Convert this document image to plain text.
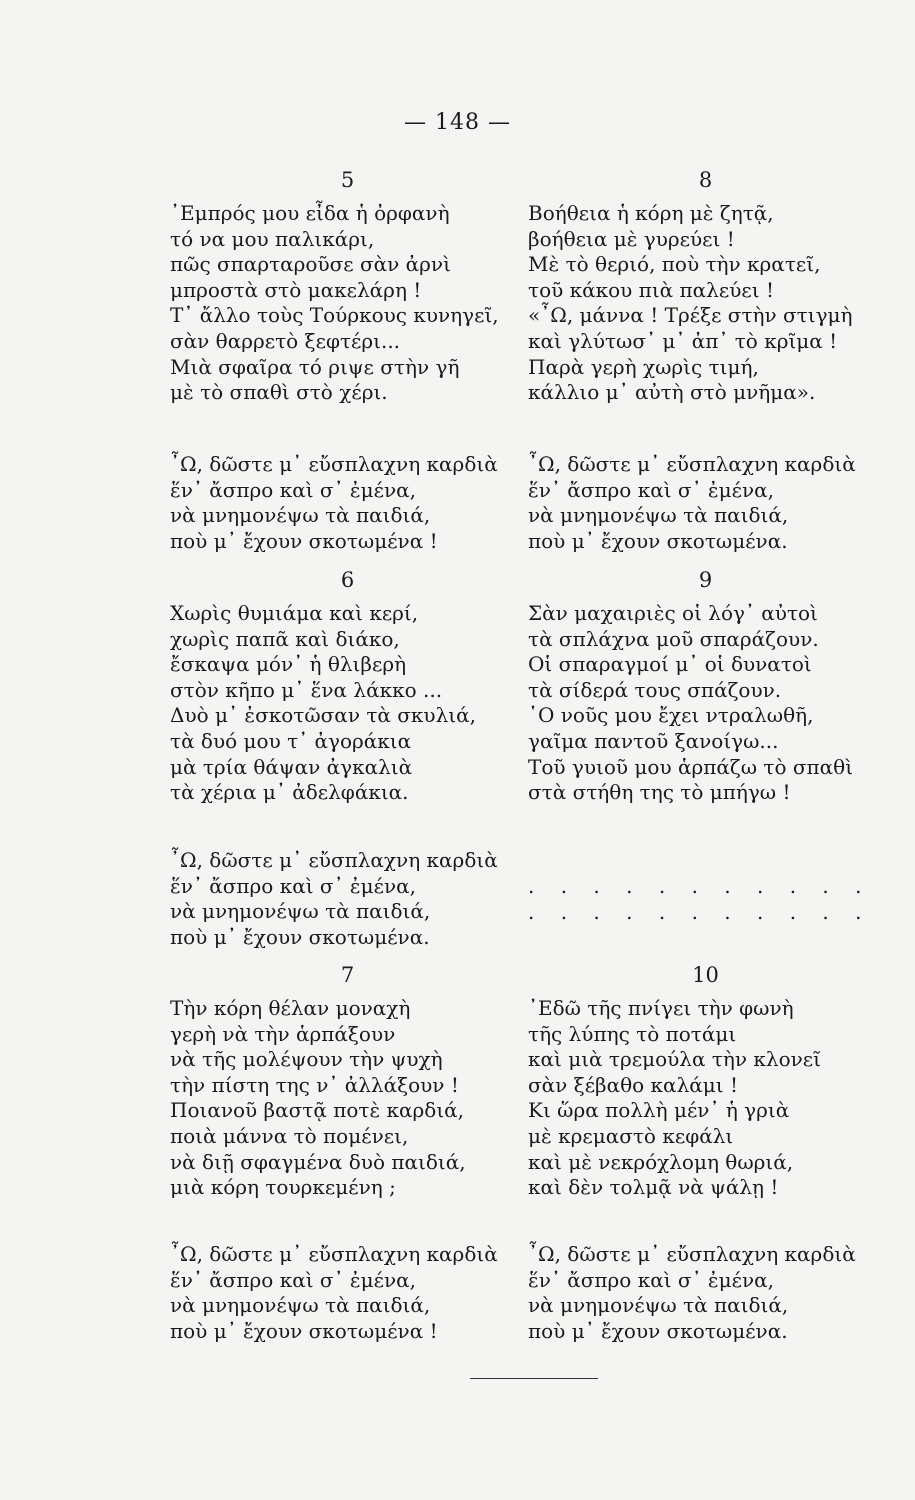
— 148 —
5
᾿Εμπρός μου εἶδα ἡ ὀρφανὴ
τό να μου παλικάρι,
πῶς σπαρταροῦσε σὰν ἀρνὶ
μπροστὰ στὸ μακελάρη !
Τ᾿ ἄλλο τοὺς Τούρκους κυνηγεῖ,
σὰν θαρρετὸ ξεφτέρι...
Μιὰ σφαῖρα τό ριψε στὴν γῆ
μὲ τὸ σπαθὶ στὸ χέρι.
῏Ω, δῶστε μ᾿ εὔσπλαχνη καρδιὰ
ἕν᾿ ἄσπρο καὶ σ᾿ ἐμένα,
νὰ μνημονέψω τὰ παιδιά,
ποὺ μ᾿ ἔχουν σκοτωμένα !
6
Χωρὶς θυμιάμα καὶ κερί,
χωρὶς παπᾶ καὶ διάκο,
ἔσκαψα μόν᾿ ἡ θλιβερὴ
στὸν κῆπο μ᾿ ἕνα λάκκο ...
Δυὸ μ᾿ ἐσκοτῶσαν τὰ σκυλιά,
τὰ δυό μου τ᾿ ἀγοράκια
μὰ τρία θάψαν ἀγκαλιὰ
τὰ χέρια μ᾿ ἀδελφάκια.
῏Ω, δῶστε μ᾿ εὔσπλαχνη καρδιὰ
ἕν᾿ ἄσπρο καὶ σ᾿ ἐμένα,
νὰ μνημονέψω τὰ παιδιά,
ποὺ μ᾿ ἔχουν σκοτωμένα.
7
Τὴν κόρη θέλαν μοναχὴ
γερὴ νὰ τὴν ἁρπάξουν
νὰ τῆς μολέψουν τὴν ψυχὴ
τὴν πίστη της ν᾿ ἀλλάξουν !
Ποιανοῦ βαστᾷ ποτὲ καρδιά,
ποιὰ μάννα τὸ πομένει,
νὰ διῇ σφαγμένα δυὸ παιδιά,
μιὰ κόρη τουρκεμένη ;
῏Ω, δῶστε μ᾿ εὔσπλαχνη καρδιὰ
ἕν᾿ ἄσπρο καὶ σ᾿ ἐμένα,
νὰ μνημονέψω τὰ παιδιά,
ποὺ μ᾿ ἔχουν σκοτωμένα !
8
Βοήθεια ἡ κόρη μὲ ζητᾷ,
βοήθεια μὲ γυρεύει !
Μὲ τὸ θεριό, ποὺ τὴν κρατεῖ,
τοῦ κάκου πιὰ παλεύει !
«῏Ω, μάννα ! Τρέξε στὴν στιγμὴ
καὶ γλύτωσ᾿ μ᾿ ἀπ᾿ τὸ κρῖμα !
Παρὰ γερὴ χωρὶς τιμή,
κάλλιο μ᾿ αὐτὴ στὸ μνῆμα».
῏Ω, δῶστε μ᾿ εὔσπλαχνη καρδιὰ
ἕν᾿ ἄσπρο καὶ σ᾿ ἐμένα,
νὰ μνημονέψω τὰ παιδιά,
ποὺ μ᾿ ἔχουν σκοτωμένα.
9
Σὰν μαχαιριὲς οἱ λόγ᾿ αὐτοὶ
τὰ σπλάχνα μοῦ σπαράζουν.
Οἱ σπαραγμοί μ᾿ οἱ δυνατοὶ
τὰ σίδερά τους σπάζουν.
῾Ο νοῦς μου ἔχει ντραλωθῆ,
γαῖμα παντοῦ ξανοίγω...
Τοῦ γυιοῦ μου ἁρπάζω τὸ σπαθὶ
στὰ στήθη της τὸ μπήγω !
. . . . . . . . . . .
. . . . . . . . . . .
10
᾿Εδῶ τῆς πνίγει τὴν φωνὴ
τῆς λύπης τὸ ποτάμι
καὶ μιὰ τρεμούλα τὴν κλονεῖ
σὰν ξέβαθο καλάμι !
Κι ὥρα πολλὴ μέν᾿ ἡ γριὰ
μὲ κρεμαστὸ κεφάλι
καὶ μὲ νεκρόχλομη θωριά,
καὶ δὲν τολμᾷ νὰ ψάλῃ !
῏Ω, δῶστε μ᾿ εὔσπλαχνη καρδιὰ
ἕν᾿ ἄσπρο καὶ σ᾿ ἐμένα,
νὰ μνημονέψω τὰ παιδιά,
ποὺ μ᾿ ἔχουν σκοτωμένα.
